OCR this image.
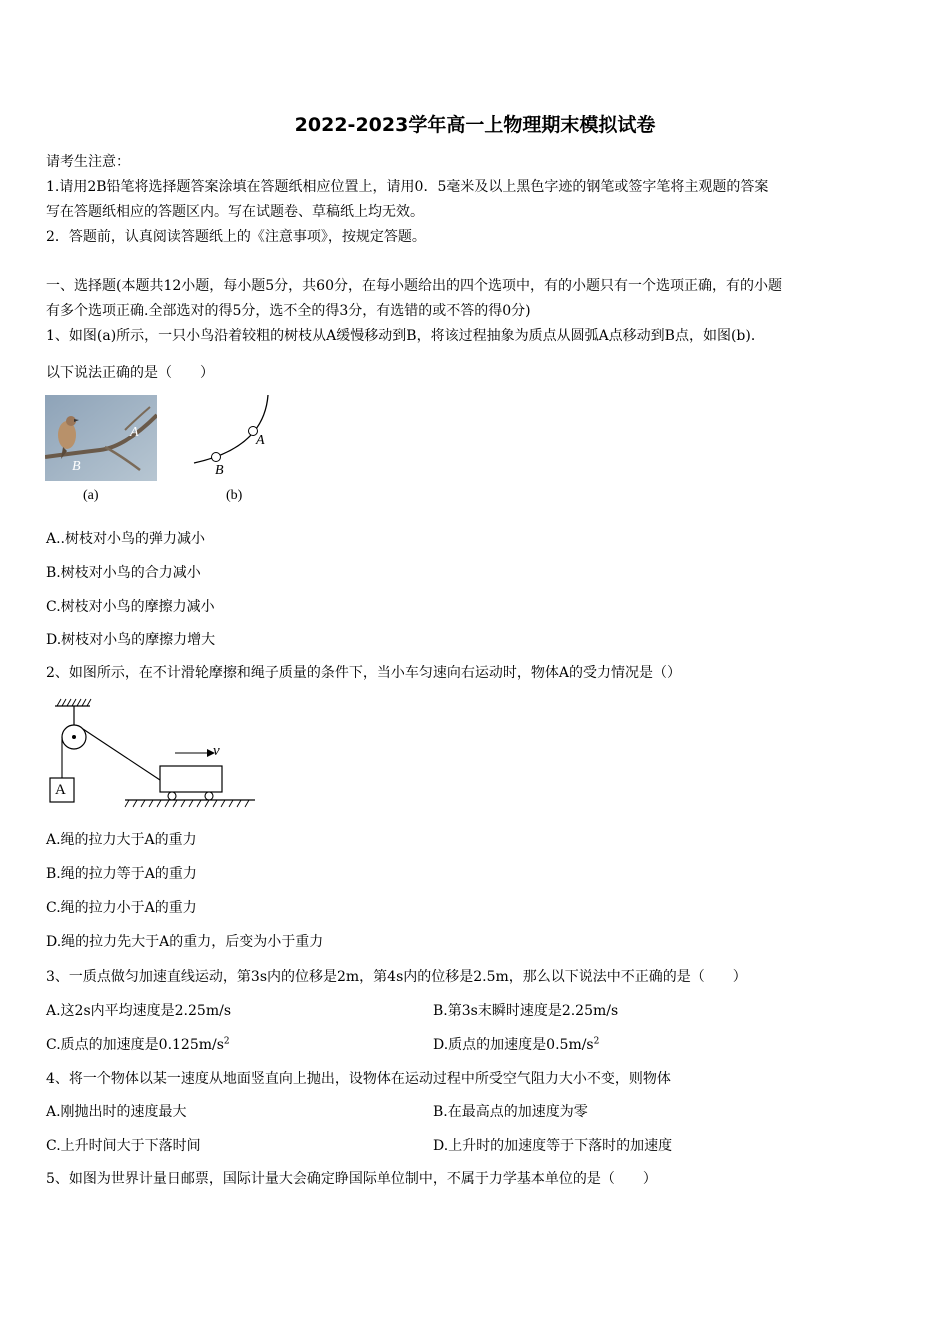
2022-2023学年高一上物理期末模拟试卷
请考生注意：
1.请用2B铅笔将选择题答案涂填在答题纸相应位置上，请用0．5毫米及以上黑色字迹的钢笔或签字笔将主观题的答案
写在答题纸相应的答题区内。写在试题卷、草稿纸上均无效。
2．答题前，认真阅读答题纸上的《注意事项》，按规定答题。
一、选择题(本题共12小题，每小题5分，共60分，在每小题给出的四个选项中，有的小题只有一个选项正确，有的小题
有多个选项正确.全部选对的得5分，选不全的得3分，有选错的或不答的得0分)
1、如图(a)所示，一只小鸟沿着较粗的树枝从A缓慢移动到B，将该过程抽象为质点从圆弧A点移动到B点，如图(b)．
以下说法正确的是（　　）
A
B
(a)
A
B
(b)
A..树枝对小鸟的弹力减小
B.树枝对小鸟的合力减小
C.树枝对小鸟的摩擦力减小
D.树枝对小鸟的摩擦力增大
2、如图所示，在不计滑轮摩擦和绳子质量的条件下，当小车匀速向右运动时，物体A的受力情况是（）
A
v
A.绳的拉力大于A的重力
B.绳的拉力等于A的重力
C.绳的拉力小于A的重力
D.绳的拉力先大于A的重力，后变为小于重力
3、一质点做匀加速直线运动，第3s内的位移是2m，第4s内的位移是2.5m，那么以下说法中不正确的是（　　）
A.这2s内平均速度是2.25m/s	B.第3s末瞬时速度是2.25m/s
C.质点的加速度是$0.125m/s^2$	D.质点的加速度是$0.5m/s^2$
4、将一个物体以某一速度从地面竖直向上抛出，设物体在运动过程中所受空气阻力大小不变，则物体
A.刚抛出时的速度最大	B.在最高点的加速度为零
C.上升时间大于下落时间	D.上升时的加速度等于下落时的加速度
5、如图为世界计量日邮票，国际计量大会确定睁国际单位制中，不属于力学基本单位的是（　　）
